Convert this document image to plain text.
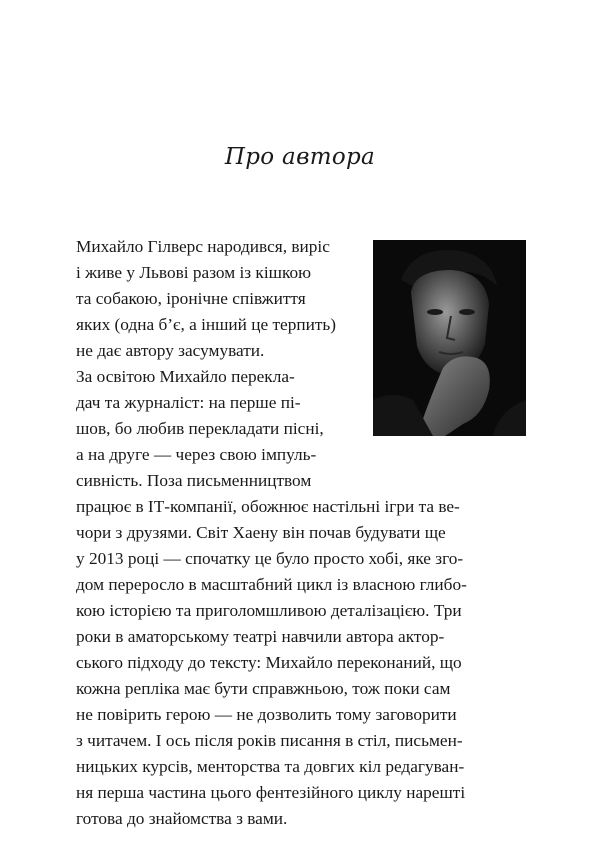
Про автора
Михайло Гілверс народився, виріс
і живе у Львові разом із кішкою
та собакою, іронічне співжиття
яких (одна б’є, а інший це терпить)
не дає автору засумувати.
За освітою Михайло перекла-
дач та журналіст: на перше пі-
шов, бо любив перекладати пісні,
а на друге — через свою імпуль-
сивність. Поза письменництвом
працює в ІТ-компанії, обожнює настільні ігри та ве-
чори з друзями. Світ Хаену він почав будувати ще
у 2013 році — спочатку це було просто хобі, яке зго-
дом переросло в масштабний цикл із власною глибо-
кою історією та приголомшливою деталізацією. Три
роки в аматорському театрі навчили автора актор-
ського підходу до тексту: Михайло переконаний, що
кожна репліка має бути справжньою, тож поки сам
не повірить герою — не дозволить тому заговорити
з читачем. І ось після років писання в стіл, письмен-
ницьких курсів, менторства та довгих кіл редагуван-
ня перша частина цього фентезійного циклу нарешті
готова до знайомства з вами.
